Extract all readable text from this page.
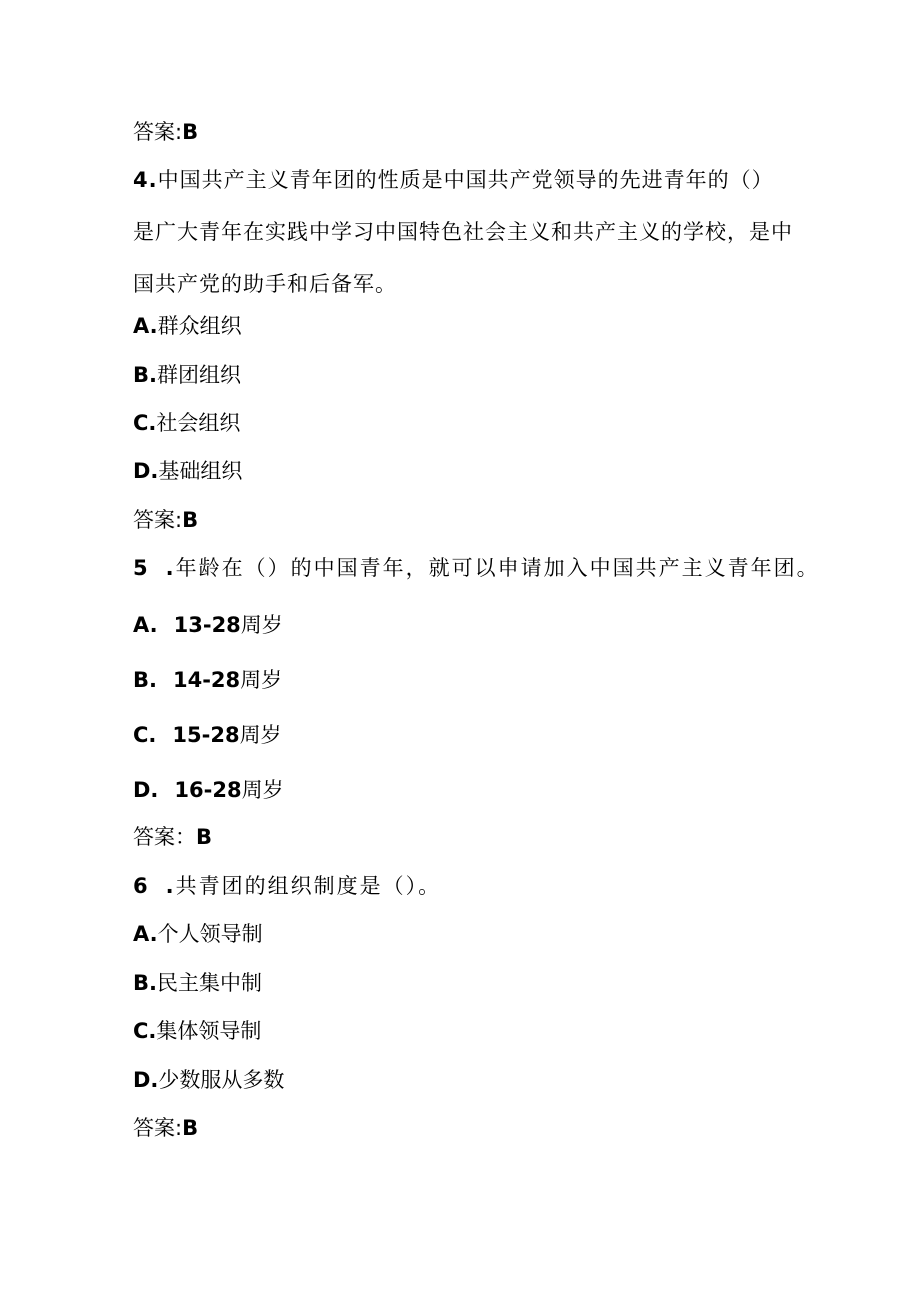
答案:B
4.中国共产主义青年团的性质是中国共产党领导的先进青年的（）是广大青年在实践中学习中国特色社会主义和共产主义的学校，是中国共产党的助手和后备军。
A.群众组织
B.群团组织
C.社会组织
D.基础组织
答案:B
5 .年龄在（）的中国青年，就可以申请加入中国共产主义青年团。
A. 13-28周岁
B. 14-28周岁
C. 15-28周岁
D. 16-28周岁
答案：B
6 .共青团的组织制度是（）。
A.个人领导制
B.民主集中制
C.集体领导制
D.少数服从多数
答案:B
